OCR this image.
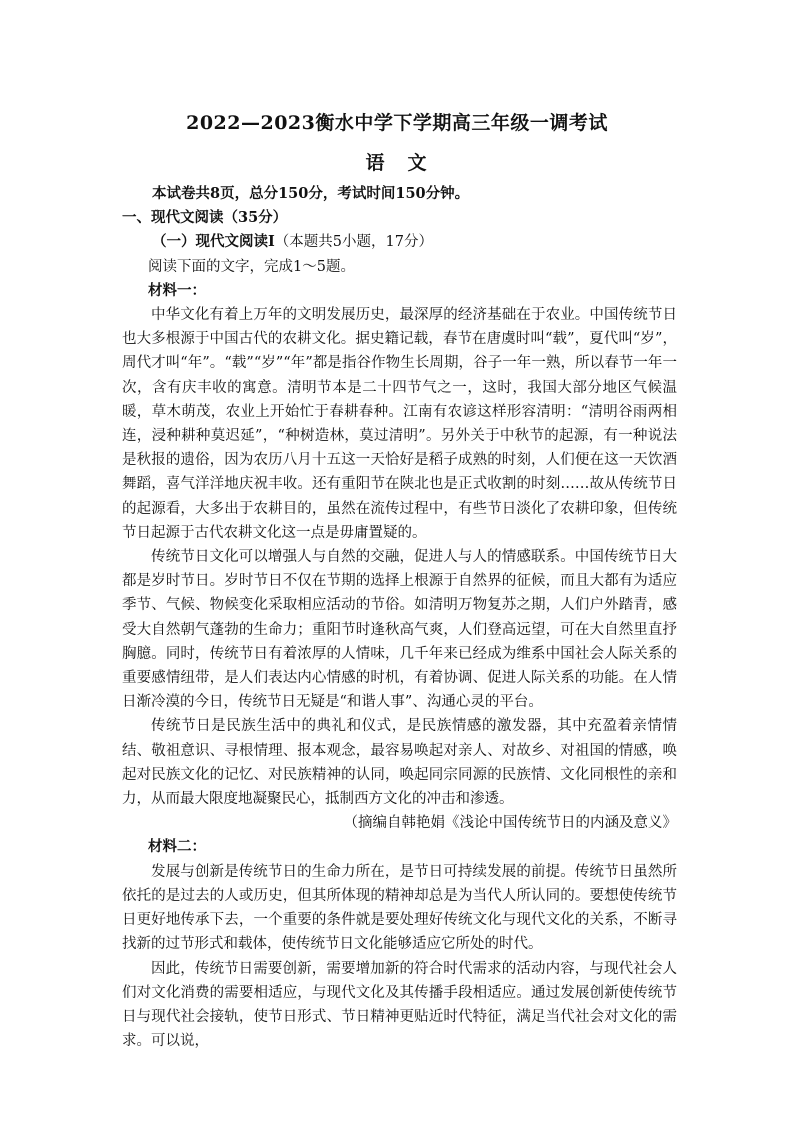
2022—2023衡水中学下学期高三年级一调考试
语　文

本试卷共8页，总分150分，考试时间150分钟。

一、现代文阅读（35分）

（一）现代文阅读Ⅰ（本题共5小题，17分）

阅读下面的文字，完成1～5题。

材料一：

中华文化有着上万年的文明发展历史，最深厚的经济基础在于农业。中国传统节日也大多根源于中国古代的农耕文化。据史籍记载，春节在唐虞时叫“载”，夏代叫“岁”，周代才叫“年”。“载”“岁”“年”都是指谷作物生长周期，谷子一年一熟，所以春节一年一次，含有庆丰收的寓意。清明节本是二十四节气之一，这时，我国大部分地区气候温暖，草木萌茂，农业上开始忙于春耕春种。江南有农谚这样形容清明：“清明谷雨两相连，浸种耕种莫迟延”，“种树造林，莫过清明”。另外关于中秋节的起源，有一种说法是秋报的遗俗，因为农历八月十五这一天恰好是稻子成熟的时刻，人们便在这一天饮酒舞蹈，喜气洋洋地庆祝丰收。还有重阳节在陕北也是正式收割的时刻……故从传统节日的起源看，大多出于农耕目的，虽然在流传过程中，有些节日淡化了农耕印象，但传统节日起源于古代农耕文化这一点是毋庸置疑的。

传统节日文化可以增强人与自然的交融，促进人与人的情感联系。中国传统节日大都是岁时节日。岁时节日不仅在节期的选择上根源于自然界的征候，而且大都有为适应季节、气候、物候变化采取相应活动的节俗。如清明万物复苏之期，人们户外踏青，感受大自然朝气蓬勃的生命力；重阳节时逢秋高气爽，人们登高远望，可在大自然里直抒胸臆。同时，传统节日有着浓厚的人情味，几千年来已经成为维系中国社会人际关系的重要感情纽带，是人们表达内心情感的时机，有着协调、促进人际关系的功能。在人情日渐冷漠的今日，传统节日无疑是“和谐人事”、沟通心灵的平台。

传统节日是民族生活中的典礼和仪式，是民族情感的激发器，其中充盈着亲情情结、敬祖意识、寻根情理、报本观念，最容易唤起对亲人、对故乡、对祖国的情感，唤起对民族文化的记忆、对民族精神的认同，唤起同宗同源的民族情、文化同根性的亲和力，从而最大限度地凝聚民心，抵制西方文化的冲击和渗透。

（摘编自韩艳娟《浅论中国传统节日的内涵及意义》

材料二：

发展与创新是传统节日的生命力所在，是节日可持续发展的前提。传统节日虽然所依托的是过去的人或历史，但其所体现的精神却总是为当代人所认同的。要想使传统节日更好地传承下去，一个重要的条件就是要处理好传统文化与现代文化的关系，不断寻找新的过节形式和载体，使传统节日文化能够适应它所处的时代。

因此，传统节日需要创新，需要增加新的符合时代需求的活动内容，与现代社会人们对文化消费的需要相适应，与现代文化及其传播手段相适应。通过发展创新使传统节日与现代社会接轨，使节日形式、节日精神更贴近时代特征，满足当代社会对文化的需求。可以说，
